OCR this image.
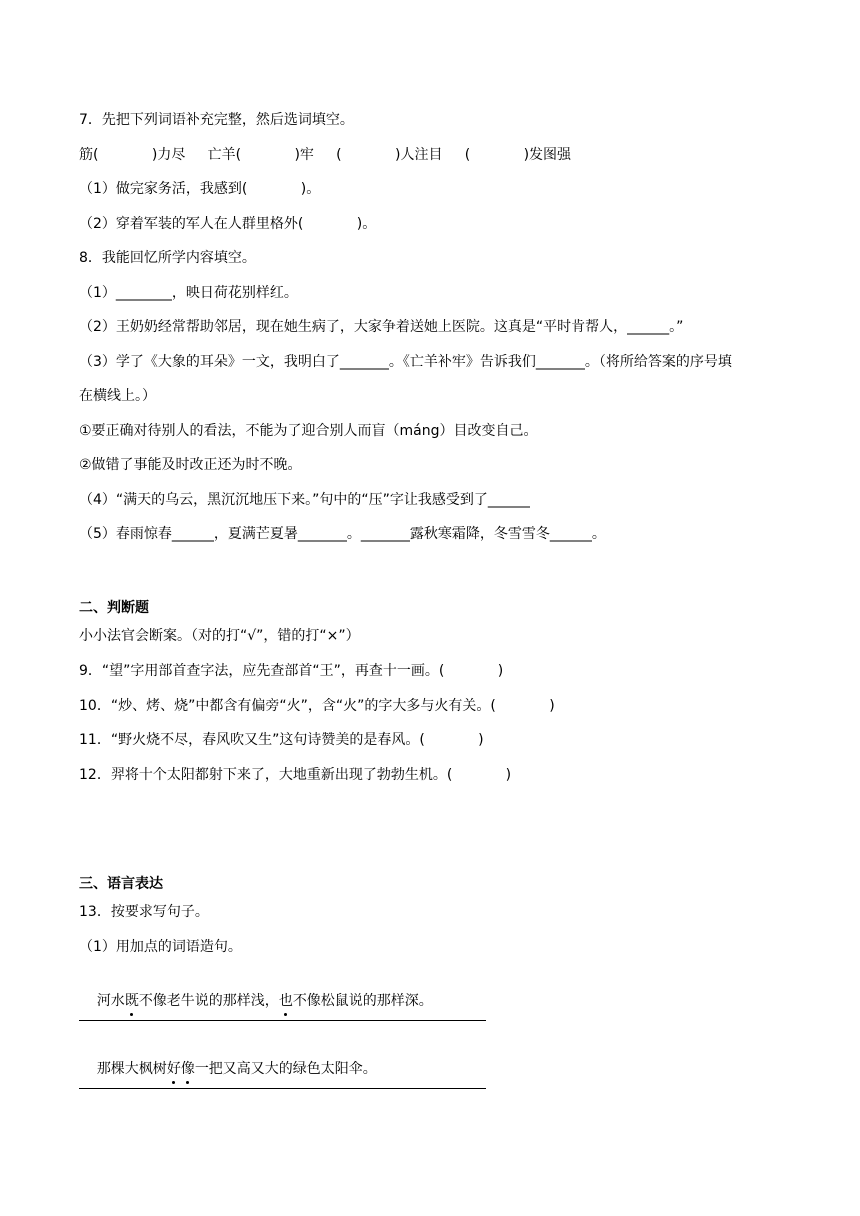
7．先把下列词语补充完整，然后选词填空。
筋(            )力尽     亡羊(            )牢     (            )人注目     (            )发图强
（1）做完家务活，我感到(            )。
（2）穿着军装的军人在人群里格外(            )。
8．我能回忆所学内容填空。
（1）________，映日荷花别样红。
（2）王奶奶经常帮助邻居，现在她生病了，大家争着送她上医院。这真是“平时肯帮人，______。”
（3）学了《大象的耳朵》一文，我明白了_______。《亡羊补牢》告诉我们_______。（将所给答案的序号填
在横线上。）
①要正确对待别人的看法，不能为了迎合别人而盲（máng）目改变自己。
②做错了事能及时改正还为时不晚。
（4）“满天的乌云，黑沉沉地压下来。”句中的“压”字让我感受到了______
（5）春雨惊春______，夏满芒夏暑_______。_______露秋寒霜降，冬雪雪冬______。
二、判断题
小小法官会断案。（对的打“√”，错的打“×”）
9．“望”字用部首查字法，应先查部首“王”，再查十一画。(            )
10．“炒、烤、烧”中都含有偏旁“火”，含“火”的字大多与火有关。(            )
11．“野火烧不尽，春风吹又生”这句诗赞美的是春风。(            )
12．羿将十个太阳都射下来了，大地重新出现了勃勃生机。(            )
三、语言表达
13．按要求写句子。
（1）用加点的词语造句。

河水既不像老牛说的那样浅，也不像松鼠说的那样深。

那棵大枫树好像一把又高又大的绿色太阳伞。
